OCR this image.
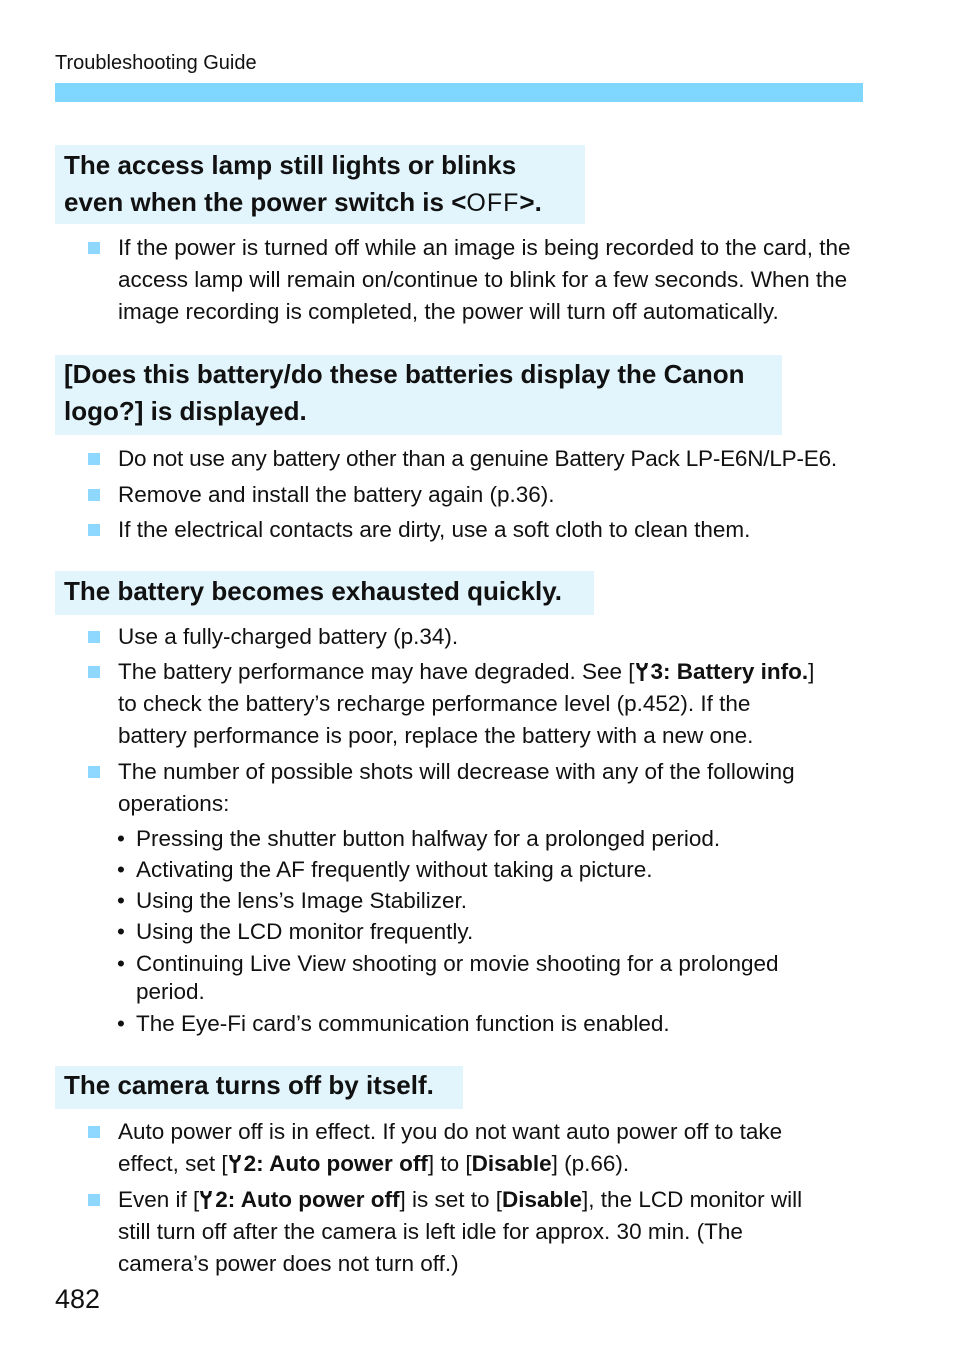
Troubleshooting Guide
The access lamp still lights or blinks
even when the power switch is <OFF>.
If the power is turned off while an image is being recorded to the card, the
access lamp will remain on/continue to blink for a few seconds. When the
image recording is completed, the power will turn off automatically.
[Does this battery/do these batteries display the Canon
logo?] is displayed.
Do not use any battery other than a genuine Battery Pack LP-E6N/LP-E6.
Remove and install the battery again (p.36).
If the electrical contacts are dirty, use a soft cloth to clean them.
The battery becomes exhausted quickly.
Use a fully-charged battery (p.34).
The battery performance may have degraded. See [ 3: Battery info.]
to check the battery’s recharge performance level (p.452). If the
battery performance is poor, replace the battery with a new one.
The number of possible shots will decrease with any of the following
operations:
• Pressing the shutter button halfway for a prolonged period.
• Activating the AF frequently without taking a picture.
• Using the lens’s Image Stabilizer.
• Using the LCD monitor frequently.
• Continuing Live View shooting or movie shooting for a prolonged
period.
• The Eye-Fi card’s communication function is enabled.
The camera turns off by itself.
Auto power off is in effect. If you do not want auto power off to take
effect, set [ 2: Auto power off] to [Disable] (p.66).
Even if [ 2: Auto power off] is set to [Disable], the LCD monitor will
still turn off after the camera is left idle for approx. 30 min. (The
camera’s power does not turn off.)
482
